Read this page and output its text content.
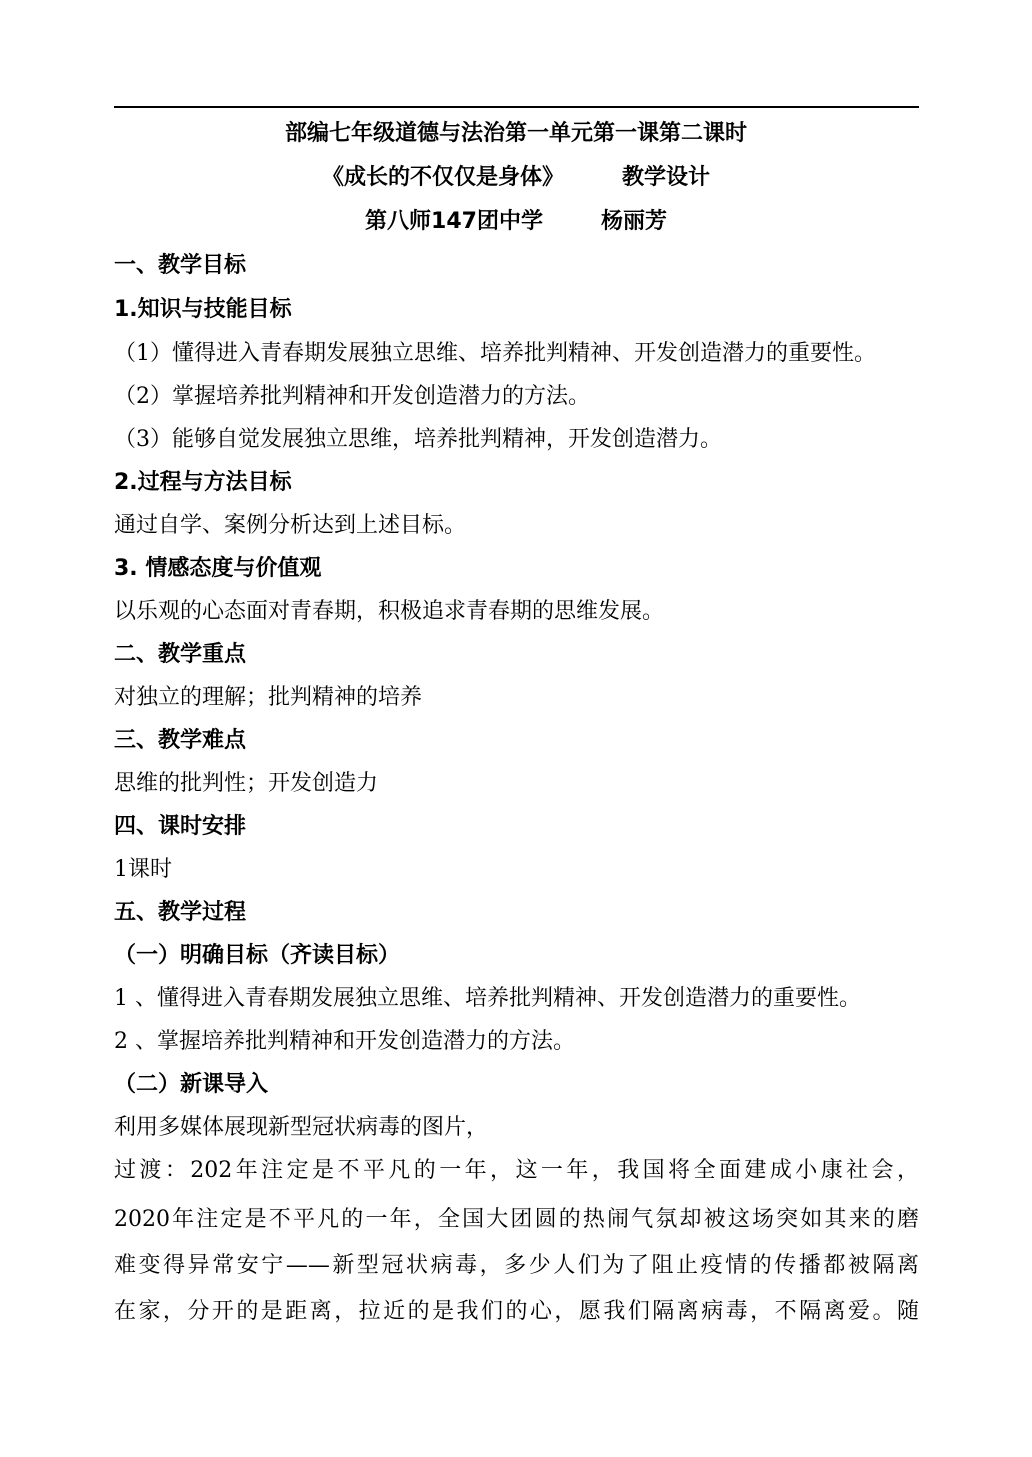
部编七年级道德与法治第一单元第一课第二课时
《成长的不仅仅是身体》	教学设计
第八师147团中学	杨丽芳
一、教学目标
1.知识与技能目标
（1）懂得进入青春期发展独立思维、培养批判精神、开发创造潜力的重要性。
（2）掌握培养批判精神和开发创造潜力的方法。
（3）能够自觉发展独立思维，培养批判精神，开发创造潜力。
2.过程与方法目标
通过自学、案例分析达到上述目标。
3. 情感态度与价值观
以乐观的心态面对青春期，积极追求青春期的思维发展。
二、教学重点
对独立的理解；批判精神的培养
三、教学难点
思维的批判性；开发创造力
四、课时安排
1课时
五、教学过程
（一）明确目标（齐读目标）
1 、懂得进入青春期发展独立思维、培养批判精神、开发创造潜力的重要性。
2 、掌握培养批判精神和开发创造潜力的方法。
（二）新课导入
利用多媒体展现新型冠状病毒的图片，
过渡：202年注定是不平凡的一年，这一年，我国将全面建成小康社会，
2020年注定是不平凡的一年，全国大团圆的热闹气氛却被这场突如其来的磨
难变得异常安宁——新型冠状病毒，多少人们为了阻止疫情的传播都被隔离
在家，分开的是距离，拉近的是我们的心，愿我们隔离病毒，不隔离爱。随
